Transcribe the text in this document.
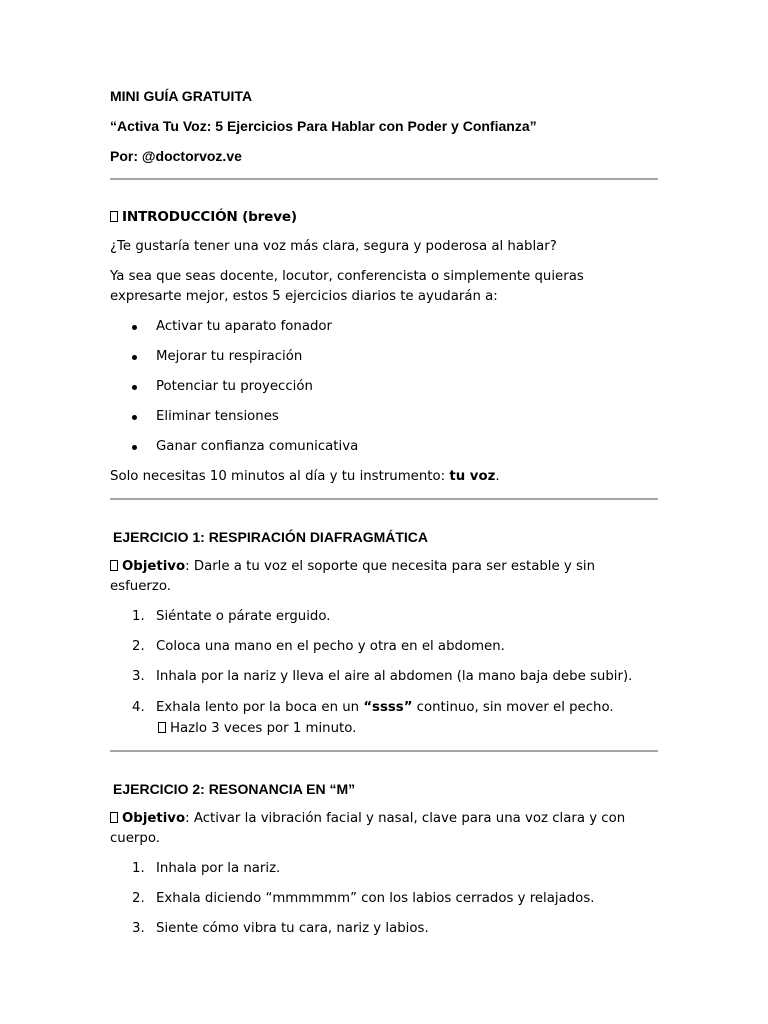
MINI GUÍA GRATUITA

“Activa Tu Voz: 5 Ejercicios Para Hablar con Poder y Confianza”

Por: @doctorvoz.ve

INTRODUCCIÓN (breve)

¿Te gustaría tener una voz más clara, segura y poderosa al hablar?

Ya sea que seas docente, locutor, conferencista o simplemente quieras expresarte mejor, estos 5 ejercicios diarios te ayudarán a:

Activar tu aparato fonador
Mejorar tu respiración
Potenciar tu proyección
Eliminar tensiones
Ganar confianza comunicativa

Solo necesitas 10 minutos al día y tu instrumento: tu voz.

EJERCICIO 1: RESPIRACIÓN DIAFRAGMÁTICA

Objetivo: Darle a tu voz el soporte que necesita para ser estable y sin esfuerzo.

1. Siéntate o párate erguido.
2. Coloca una mano en el pecho y otra en el abdomen.
3. Inhala por la nariz y lleva el aire al abdomen (la mano baja debe subir).
4. Exhala lento por la boca en un “ssss” continuo, sin mover el pecho.
Hazlo 3 veces por 1 minuto.

EJERCICIO 2: RESONANCIA EN “M”

Objetivo: Activar la vibración facial y nasal, clave para una voz clara y con cuerpo.

1. Inhala por la nariz.
2. Exhala diciendo “mmmmmm” con los labios cerrados y relajados.
3. Siente cómo vibra tu cara, nariz y labios.
